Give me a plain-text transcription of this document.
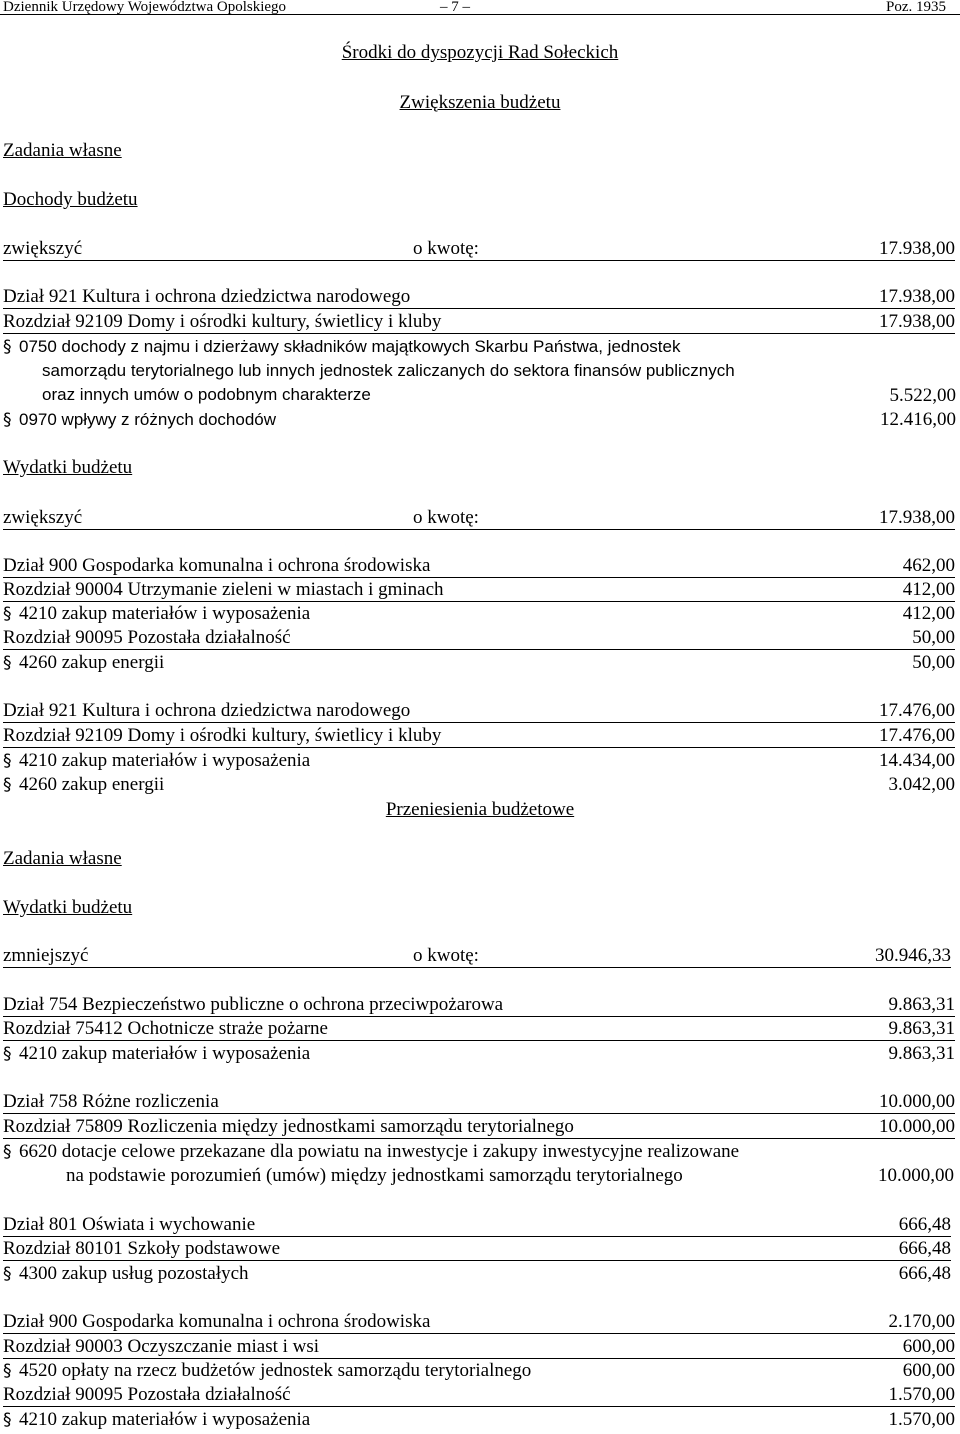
Dziennik Urzędowy Województwa Opolskiego	– 7 –	Poz. 1935
Środki do dyspozycji Rad Sołeckich
Zwiększenia budżetu
Zadania własne
Dochody budżetu
zwiększyć	o kwotę:	17.938,00
Dział 921 Kultura i ochrona dziedzictwa narodowego	17.938,00
Rozdział 92109 Domy i ośrodki kultury, świetlicy i kluby	17.938,00
§ 0750 dochody z najmu i dzierżawy składników majątkowych Skarbu Państwa, jednostek
samorządu terytorialnego lub innych jednostek zaliczanych do sektora finansów publicznych
oraz innych umów o podobnym charakterze	5.522,00
§ 0970 wpływy z różnych dochodów	12.416,00
Wydatki budżetu
zwiększyć	o kwotę:	17.938,00
Dział 900 Gospodarka komunalna i ochrona środowiska	462,00
Rozdział 90004 Utrzymanie zieleni w miastach i gminach	412,00
§ 4210 zakup materiałów i wyposażenia	412,00
Rozdział 90095 Pozostała działalność	50,00
§ 4260 zakup energii	50,00
Dział 921 Kultura i ochrona dziedzictwa narodowego	17.476,00
Rozdział 92109 Domy i ośrodki kultury, świetlicy i kluby	17.476,00
§ 4210 zakup materiałów i wyposażenia	14.434,00
§ 4260 zakup energii	3.042,00
Przeniesienia budżetowe
Zadania własne
Wydatki budżetu
zmniejszyć	o kwotę:	30.946,33
Dział 754 Bezpieczeństwo publiczne o ochrona przeciwpożarowa	9.863,31
Rozdział 75412 Ochotnicze straże pożarne	9.863,31
§ 4210 zakup materiałów i wyposażenia	9.863,31
Dział 758 Różne rozliczenia	10.000,00
Rozdział 75809 Rozliczenia między jednostkami samorządu terytorialnego	10.000,00
§ 6620 dotacje celowe przekazane dla powiatu na inwestycje i zakupy inwestycyjne realizowane
na podstawie porozumień (umów) między jednostkami samorządu terytorialnego	10.000,00
Dział 801 Oświata i wychowanie	666,48
Rozdział 80101 Szkoły podstawowe	666,48
§ 4300 zakup usług pozostałych	666,48
Dział 900 Gospodarka komunalna i ochrona środowiska	2.170,00
Rozdział 90003 Oczyszczanie miast i wsi	600,00
§ 4520 opłaty na rzecz budżetów jednostek samorządu terytorialnego	600,00
Rozdział 90095 Pozostała działalność	1.570,00
§ 4210 zakup materiałów i wyposażenia	1.570,00
